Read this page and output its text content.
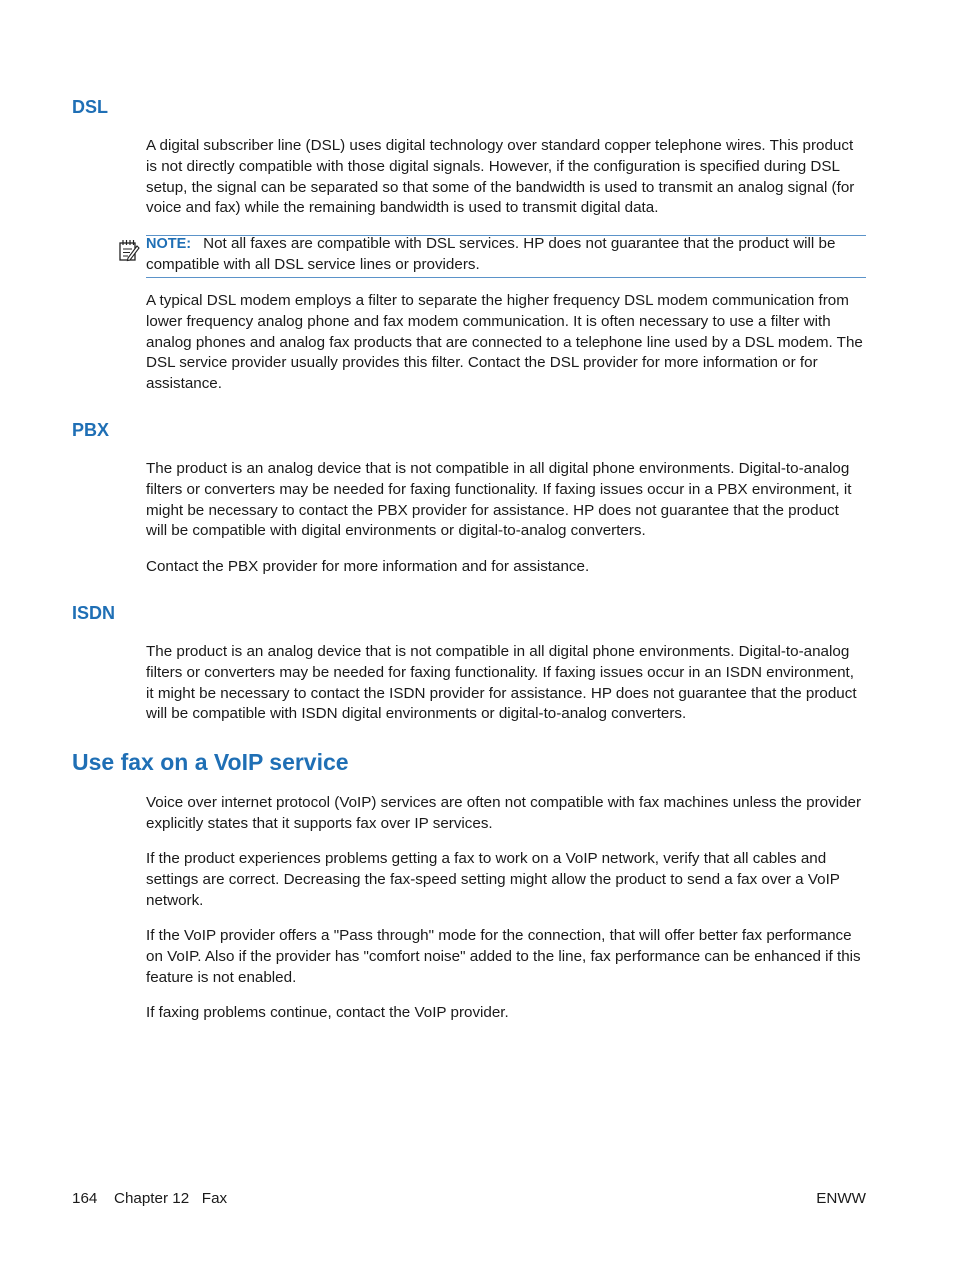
DSL

A digital subscriber line (DSL) uses digital technology over standard copper telephone wires. This product is not directly compatible with those digital signals. However, if the configuration is specified during DSL setup, the signal can be separated so that some of the bandwidth is used to transmit an analog signal (for voice and fax) while the remaining bandwidth is used to transmit digital data.

NOTE: Not all faxes are compatible with DSL services. HP does not guarantee that the product will be compatible with all DSL service lines or providers.

A typical DSL modem employs a filter to separate the higher frequency DSL modem communication from lower frequency analog phone and fax modem communication. It is often necessary to use a filter with analog phones and analog fax products that are connected to a telephone line used by a DSL modem. The DSL service provider usually provides this filter. Contact the DSL provider for more information or for assistance.

PBX

The product is an analog device that is not compatible in all digital phone environments. Digital-to-analog filters or converters may be needed for faxing functionality. If faxing issues occur in a PBX environment, it might be necessary to contact the PBX provider for assistance. HP does not guarantee that the product will be compatible with digital environments or digital-to-analog converters.

Contact the PBX provider for more information and for assistance.

ISDN

The product is an analog device that is not compatible in all digital phone environments. Digital-to-analog filters or converters may be needed for faxing functionality. If faxing issues occur in an ISDN environment, it might be necessary to contact the ISDN provider for assistance. HP does not guarantee that the product will be compatible with ISDN digital environments or digital-to-analog converters.

Use fax on a VoIP service

Voice over internet protocol (VoIP) services are often not compatible with fax machines unless the provider explicitly states that it supports fax over IP services.

If the product experiences problems getting a fax to work on a VoIP network, verify that all cables and settings are correct. Decreasing the fax-speed setting might allow the product to send a fax over a VoIP network.

If the VoIP provider offers a "Pass through" mode for the connection, that will offer better fax performance on VoIP. Also if the provider has "comfort noise" added to the line, fax performance can be enhanced if this feature is not enabled.

If faxing problems continue, contact the VoIP provider.

164 Chapter 12   Fax	ENWW
